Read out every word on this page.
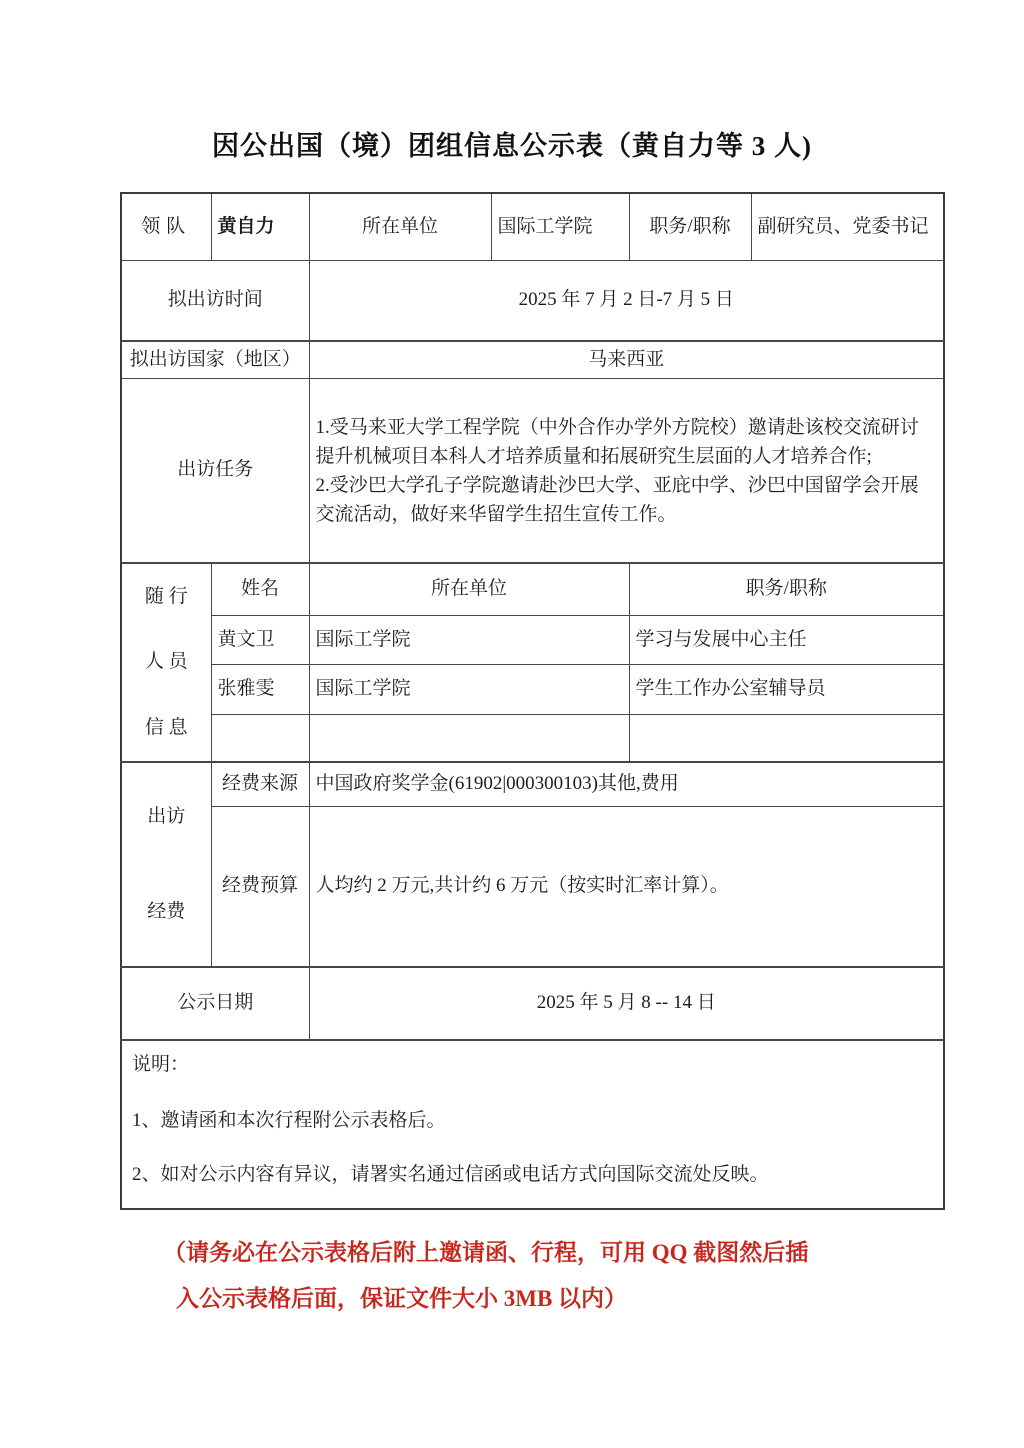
因公出国（境）团组信息公示表（黄自力等 3 人)
领队	黄自力	所在单位	国际工学院	职务/职称	副研究员、党委书记
拟出访时间		2025 年 7 月 2 日-7 月 5 日			
拟出访国家（地区）		马来西亚			
出访任务		1.受马来亚大学工程学院（中外合作办学外方院校）邀请赴该校交流研讨提升机械项目本科人才培养质量和拓展研究生层面的人才培养合作;

2.受沙巴大学孔子学院邀请赴沙巴大学、亚庇中学、沙巴中国留学会开展交流活动，做好来华留学生招生宣传工作。			

随 行
人 员
信 息	姓名	所在单位		职务/职称	
	黄文卫	国际工学院		学习与发展中心主任	
	张雅雯	国际工学院		学生工作办公室辅导员	

出访
经费	经费来源	中国政府奖学金(61902|000300103)其他,费用			
	经费预算	人均约 2 万元,共计约 6 万元（按实时汇率计算）。			
公示日期		2025 年 5 月 8 -- 14 日			

说明：

1、邀请函和本次行程附公示表格后。

2、如对公示内容有异议，请署实名通过信函或电话方式向国际交流处反映。					

（请务必在公示表格后附上邀请函、行程，可用 QQ 截图然后插
入公示表格后面，保证文件大小 3MB 以内）
